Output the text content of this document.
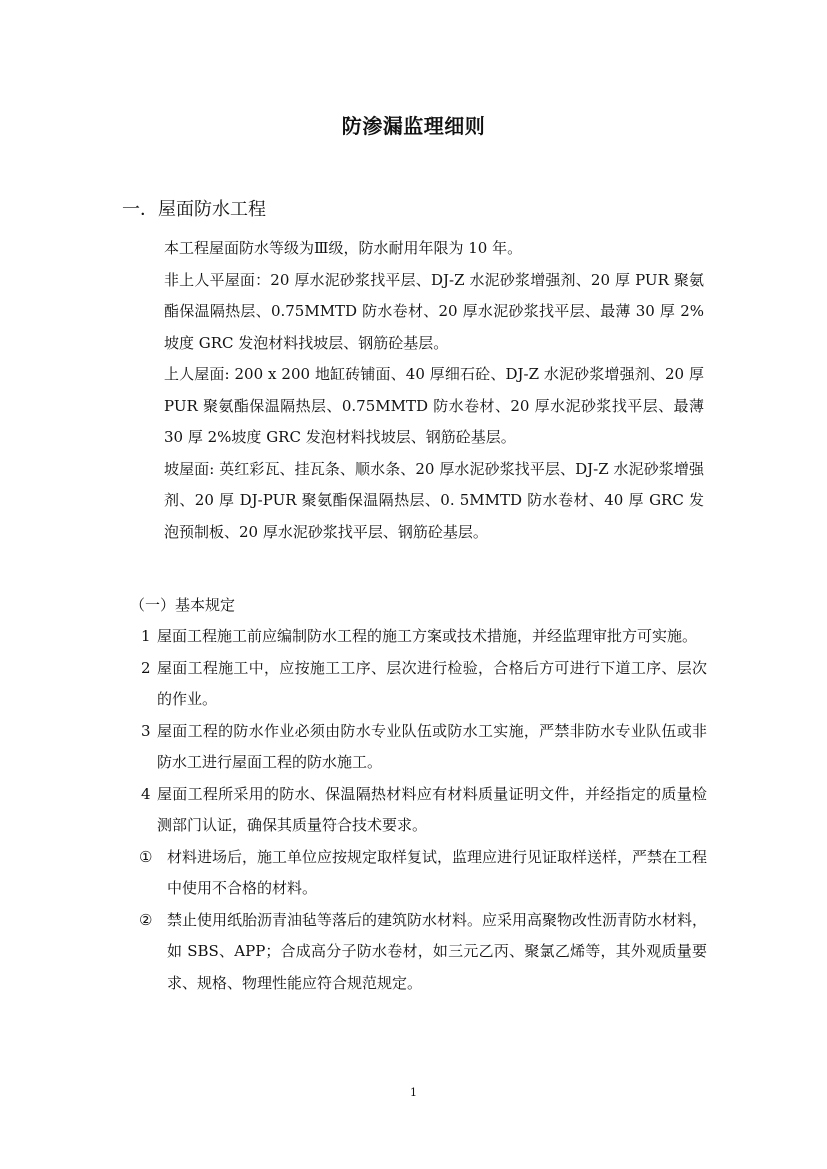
防渗漏监理细则
一．屋面防水工程

本工程屋面防水等级为Ⅲ级，防水耐用年限为 10 年。

非上人平屋面：20 厚水泥砂浆找平层、DJ-Z 水泥砂浆增强剂、20 厚 PUR 聚氨酯保温隔热层、0.75MMTD 防水卷材、20 厚水泥砂浆找平层、最薄 30 厚 2%坡度 GRC 发泡材料找坡层、钢筋砼基层。

上人屋面: 200 x 200 地缸砖铺面、40 厚细石砼、DJ-Z 水泥砂浆增强剂、20 厚 PUR 聚氨酯保温隔热层、0.75MMTD 防水卷材、20 厚水泥砂浆找平层、最薄 30 厚 2%坡度 GRC 发泡材料找坡层、钢筋砼基层。

坡屋面: 英红彩瓦、挂瓦条、顺水条、20 厚水泥砂浆找平层、DJ-Z 水泥砂浆增强剂、20 厚 DJ-PUR 聚氨酯保温隔热层、0. 5MMTD 防水卷材、40 厚 GRC 发泡预制板、20 厚水泥砂浆找平层、钢筋砼基层。

（一）基本规定
1 屋面工程施工前应编制防水工程的施工方案或技术措施，并经监理审批方可实施。
2 屋面工程施工中，应按施工工序、层次进行检验，合格后方可进行下道工序、层次的作业。
3 屋面工程的防水作业必须由防水专业队伍或防水工实施，严禁非防水专业队伍或非防水工进行屋面工程的防水施工。
4 屋面工程所采用的防水、保温隔热材料应有材料质量证明文件，并经指定的质量检测部门认证，确保其质量符合技术要求。
① 材料进场后，施工单位应按规定取样复试，监理应进行见证取样送样，严禁在工程中使用不合格的材料。
② 禁止使用纸胎沥青油毡等落后的建筑防水材料。应采用高聚物改性沥青防水材料，如 SBS、APP；合成高分子防水卷材，如三元乙丙、聚氯乙烯等，其外观质量要求、规格、物理性能应符合规范规定。
1
